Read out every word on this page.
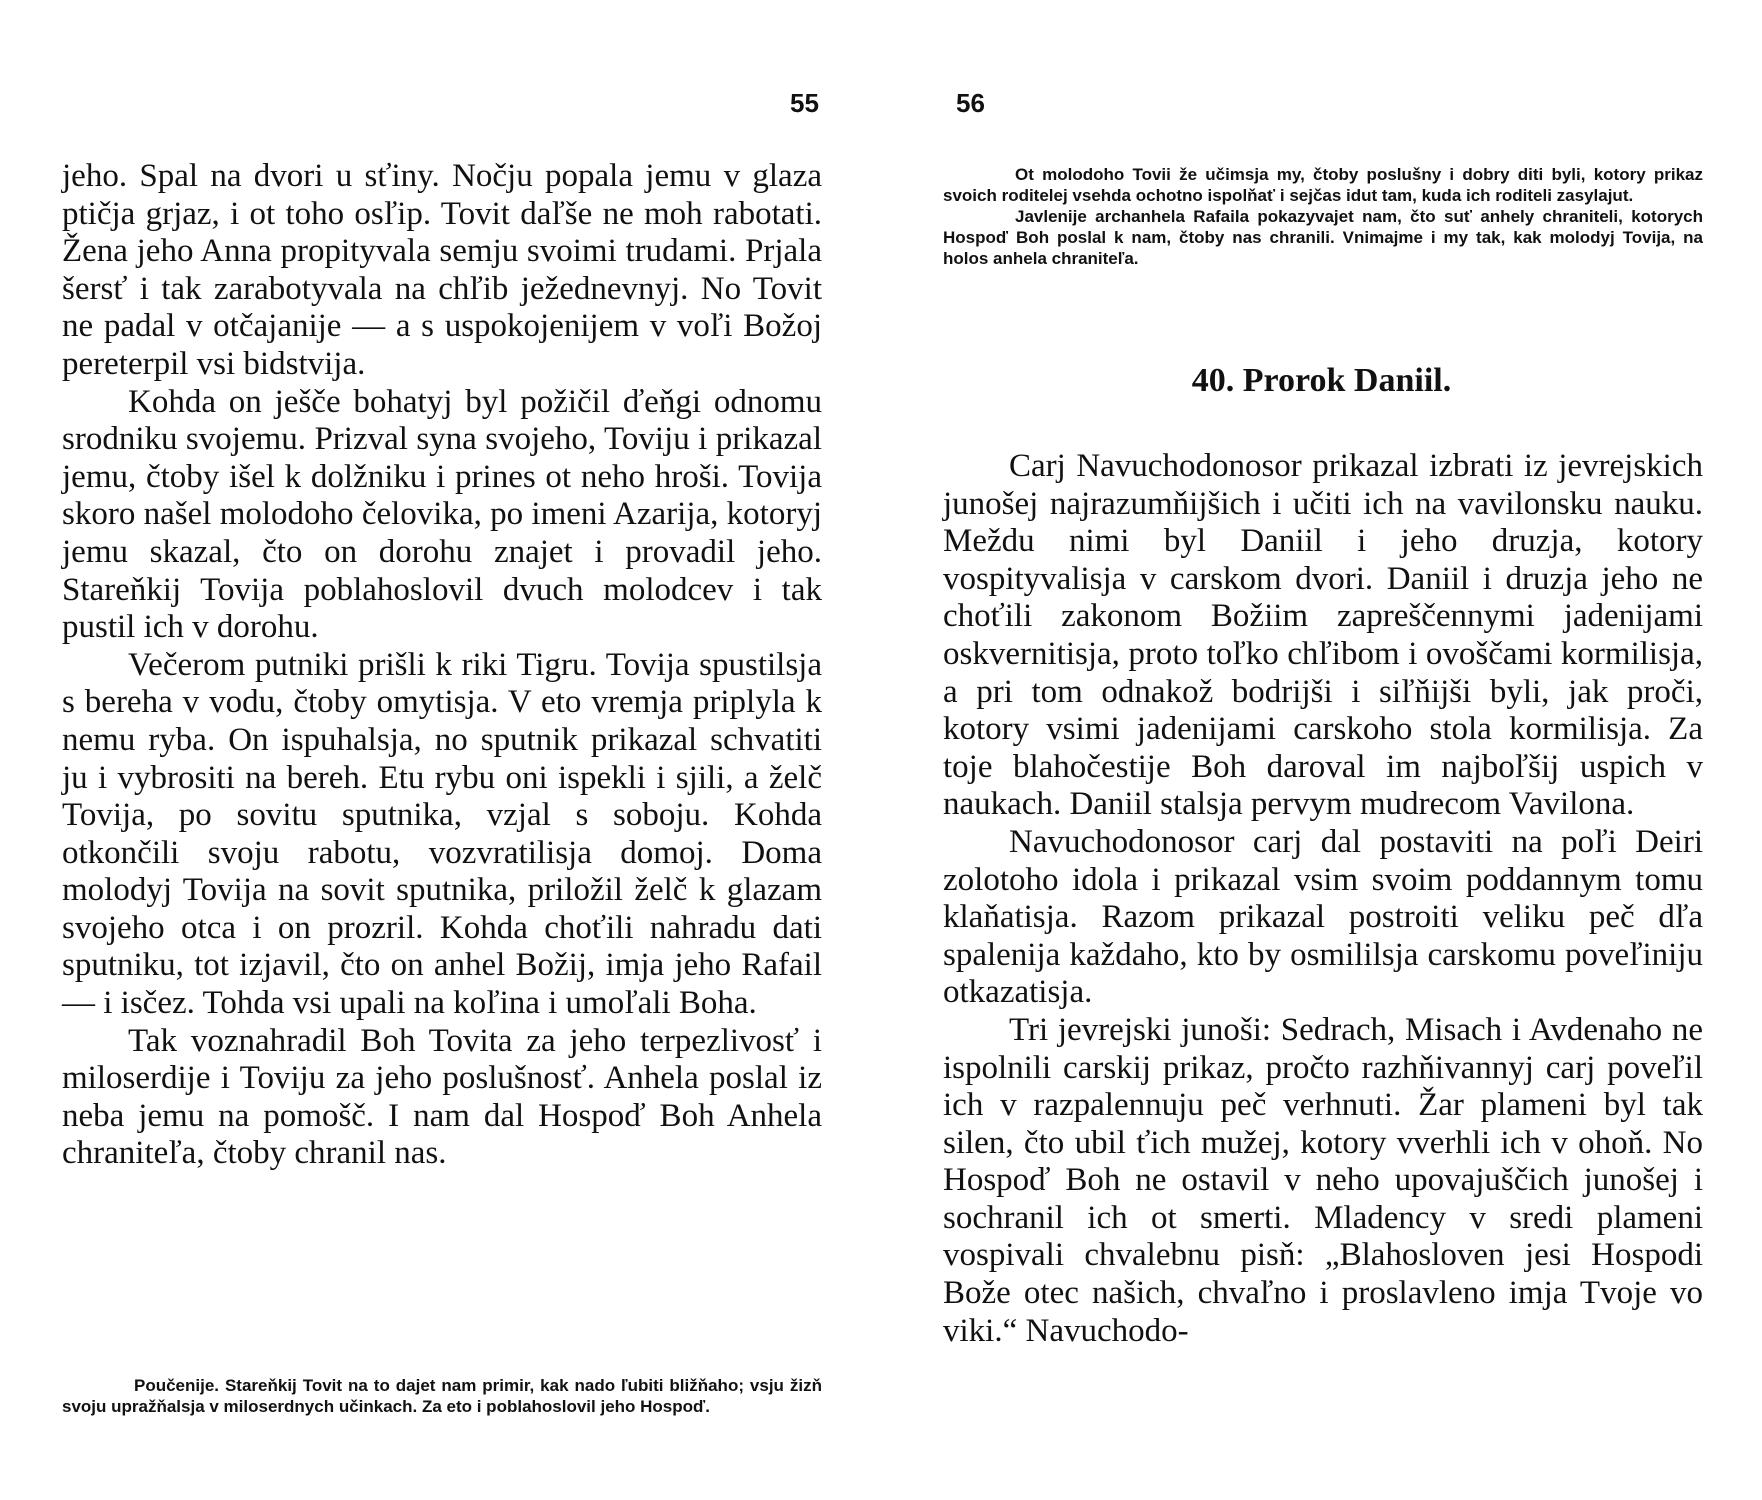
55

jeho. Spal na dvori u sťiny. Nočju popala jemu v glaza ptičja grjaz, i ot toho osľip. Tovit daľše ne moh rabotati. Žena jeho Anna propityvala semju svoimi trudami. Prjala šersť i tak zarabotyvala na chľib ježednevnyj. No Tovit ne padal v otčajanije — a s uspokojenijem v voľi Božoj pereterpil vsi bidstvija.

Kohda on ješče bohatyj byl požičil ďeňgi odnomu srodniku svojemu. Prizval syna svojeho, Toviju i prikazal jemu, čtoby išel k dolžniku i prines ot neho hroši. Tovija skoro našel molodoho čelovika, po imeni Azarija, kotoryj jemu skazal, čto on dorohu znajet i provadil jeho. Stareňkij Tovija poblahoslovil dvuch molodcev i tak pustil ich v dorohu.

Večerom putniki prišli k riki Tigru. Tovija spustilsja s bereha v vodu, čtoby omytisja. V eto vremja priplyla k nemu ryba. On ispuhalsja, no sputnik prikazal schvatiti ju i vybrositi na bereh. Etu rybu oni ispekli i sjili, a želč Tovija, po sovitu sputnika, vzjal s soboju. Kohda otkončili svoju rabotu, vozvratilisja domoj. Doma molodyj Tovija na sovit sputnika, priložil želč k glazam svojeho otca i on prozril. Kohda choťili nahradu dati sputniku, tot izjavil, čto on anhel Božij, imja jeho Rafail — i isčez. Tohda vsi upali na koľina i umoľali Boha.

Tak voznahradil Boh Tovita za jeho terpezlivosť i miloserdije i Toviju za jeho poslušnosť. Anhela poslal iz neba jemu na pomošč. I nam dal Hospoď Boh Anhela chraniteľa, čtoby chranil nas.

Poučenije. Stareňkij Tovit na to dajet nam primir, kak nado ľubiti bližňaho; vsju žizň svoju upražňalsja v miloserdnych učinkach. Za eto i poblahoslovil jeho Hospoď.

56

Ot molodoho Tovii že učimsja my, čtoby poslušny i dobry diti byli, kotory prikaz svoich roditelej vsehda ochotno ispolňať i sejčas idut tam, kuda ich roditeli zasylajut.

Javlenije archanhela Rafaila pokazyvajet nam, čto suť anhely chraniteli, kotorych Hospoď Boh poslal k nam, čtoby nas chranili. Vnimajme i my tak, kak molodyj Tovija, na holos anhela chraniteľa.

40. Prorok Daniil.

Carj Navuchodonosor prikazal izbrati iz jevrejskich junošej najrazumňijšich i učiti ich na vavilonsku nauku. Meždu nimi byl Daniil i jeho druzja, kotory vospityvalisja v carskom dvori. Daniil i druzja jeho ne choťili zakonom Božiim zapreščennymi jadenijami oskvernitisja, proto toľko chľibom i ovoščami kormilisja, a pri tom odnakož bodrijši i siľňijši byli, jak proči, kotory vsimi jadenijami carskoho stola kormilisja. Za toje blahočestije Boh daroval im najboľšij uspich v naukach. Daniil stalsja pervym mudrecom Vavilona.

Navuchodonosor carj dal postaviti na poľi Deiri zolotoho idola i prikazal vsim svoim poddannym tomu klaňatisja. Razom prikazal postroiti veliku peč dľa spalenija každaho, kto by osmililsja carskomu poveľiniju otkazatisja.

Tri jevrejski junoši: Sedrach, Misach i Avdenaho ne ispolnili carskij prikaz, pročto razhňivannyj carj poveľil ich v razpalennuju peč verhnuti. Žar plameni byl tak silen, čto ubil ťich mužej, kotory vverhli ich v ohoň. No Hospoď Boh ne ostavil v neho upovajuščich junošej i sochranil ich ot smerti. Mladency v sredi plameni vospivali chvalebnu pisň: „Blahosloven jesi Hospodi Bože otec našich, chvaľno i proslavleno imja Tvoje vo viki.“ Navuchodo-
